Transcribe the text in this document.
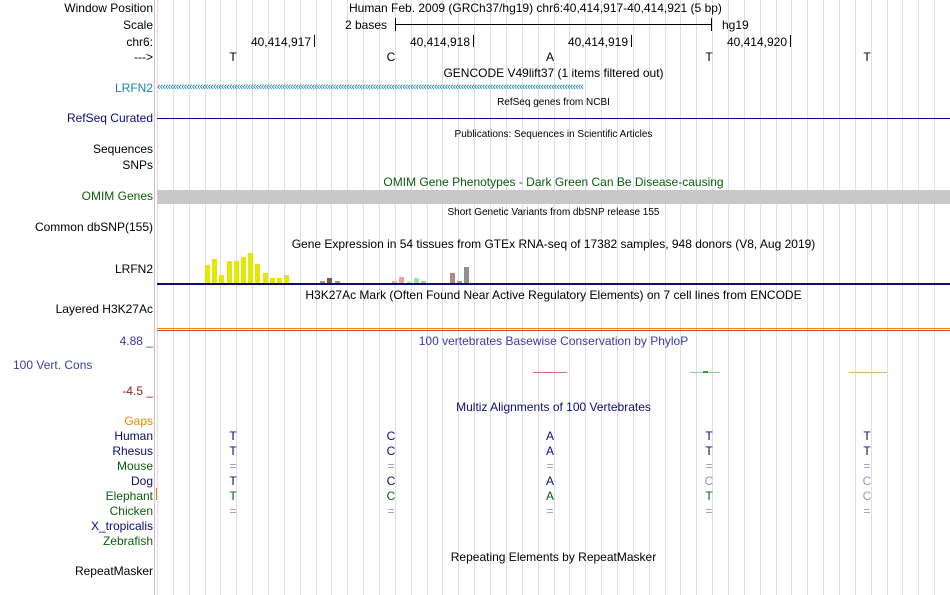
Window Position	Human Feb. 2009 (GRCh37/hg19) chr6:40,414,917-40,414,921 (5 bp)
Scale	2 bases	hg19
chr6:	40,414,917	40,414,918	40,414,919	40,414,920
--->	T	C	A	T	T
GENCODE V49lift37 (1 items filtered out)
LRFN2 ‹‹‹‹‹‹‹‹‹‹‹‹‹‹‹‹‹‹‹‹‹‹‹‹‹‹‹‹‹‹‹‹‹‹‹‹‹‹‹‹‹‹‹‹‹‹‹‹‹‹‹‹‹‹‹‹‹‹‹‹‹‹‹‹‹‹‹‹‹‹‹‹‹‹‹‹‹‹‹‹‹‹‹‹‹‹‹‹‹‹‹‹‹‹‹‹‹‹‹‹‹‹‹‹‹‹‹‹‹‹‹‹‹‹‹‹‹‹‹‹‹‹‹‹‹‹‹‹‹‹‹‹‹‹‹‹‹‹‹‹‹‹‹‹‹‹‹‹‹‹‹‹‹‹‹‹‹‹‹‹
RefSeq genes from NCBI
RefSeq Curated
Publications: Sequences in Scientific Articles
Sequences
SNPs
OMIM Gene Phenotypes - Dark Green Can Be Disease-causing
OMIM Genes
Short Genetic Variants from dbSNP release 155
Common dbSNP(155)
Gene Expression in 54 tissues from GTEx RNA-seq of 17382 samples, 948 donors (V8, Aug 2019)
LRFN2
H3K27Ac Mark (Often Found Near Active Regulatory Elements) on 7 cell lines from ENCODE
Layered H3K27Ac
100 vertebrates Basewise Conservation by PhyloP
4.88 _
100 Vert. Cons
-4.5 _
Multiz Alignments of 100 Vertebrates
Gaps
Human	T	C	A	T	T
Rhesus	T	C	A	T	T
Mouse	=	=	=	=	=
Dog	T	C	A	C	C
Elephant	T	C	A	T	C
Chicken	=	=	=	=	=
X_tropicalis
Zebrafish
Repeating Elements by RepeatMasker
RepeatMasker
